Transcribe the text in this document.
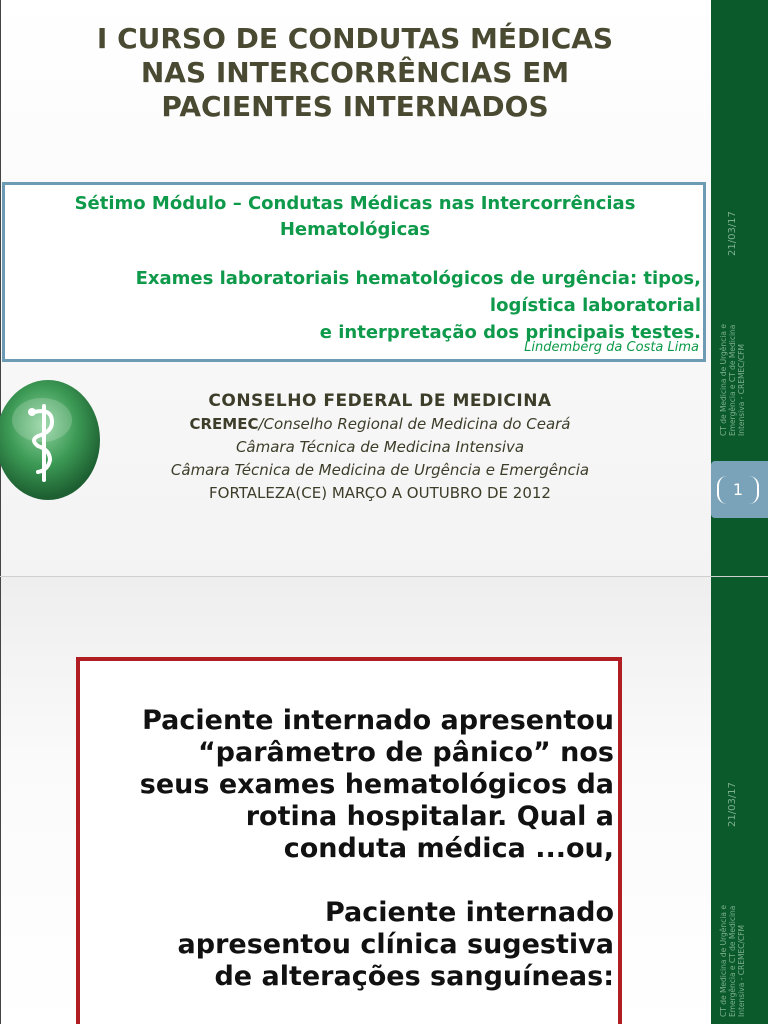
I CURSO DE CONDUTAS MÉDICAS
NAS INTERCORRÊNCIAS EM
PACIENTES INTERNADOS
Sétimo Módulo – Condutas Médicas nas Intercorrências
Hematológicas
Exames laboratoriais hematológicos de urgência: tipos,
logística laboratorial
e interpretação dos principais testes.
Lindemberg da Costa Lima
CONSELHO FEDERAL DE MEDICINA
CREMEC/Conselho Regional de Medicina do Ceará
Câmara Técnica de Medicina Intensiva
Câmara Técnica de Medicina de Urgência e Emergência
FORTALEZA(CE) MARÇO A OUTUBRO DE 2012
21/03/17
CT de Medicina de Urgência e Emergência e CT de Medicina Intensiva - CREMEC/CFM
1
Paciente internado apresentou
“parâmetro de pânico” nos
seus exames hematológicos da
rotina hospitalar. Qual a
conduta médica ...ou,
Paciente internado
apresentou clínica sugestiva
de alterações sanguíneas:
21/03/17
CT de Medicina de Urgência e Emergência e CT de Medicina Intensiva - CREMEC/CFM
